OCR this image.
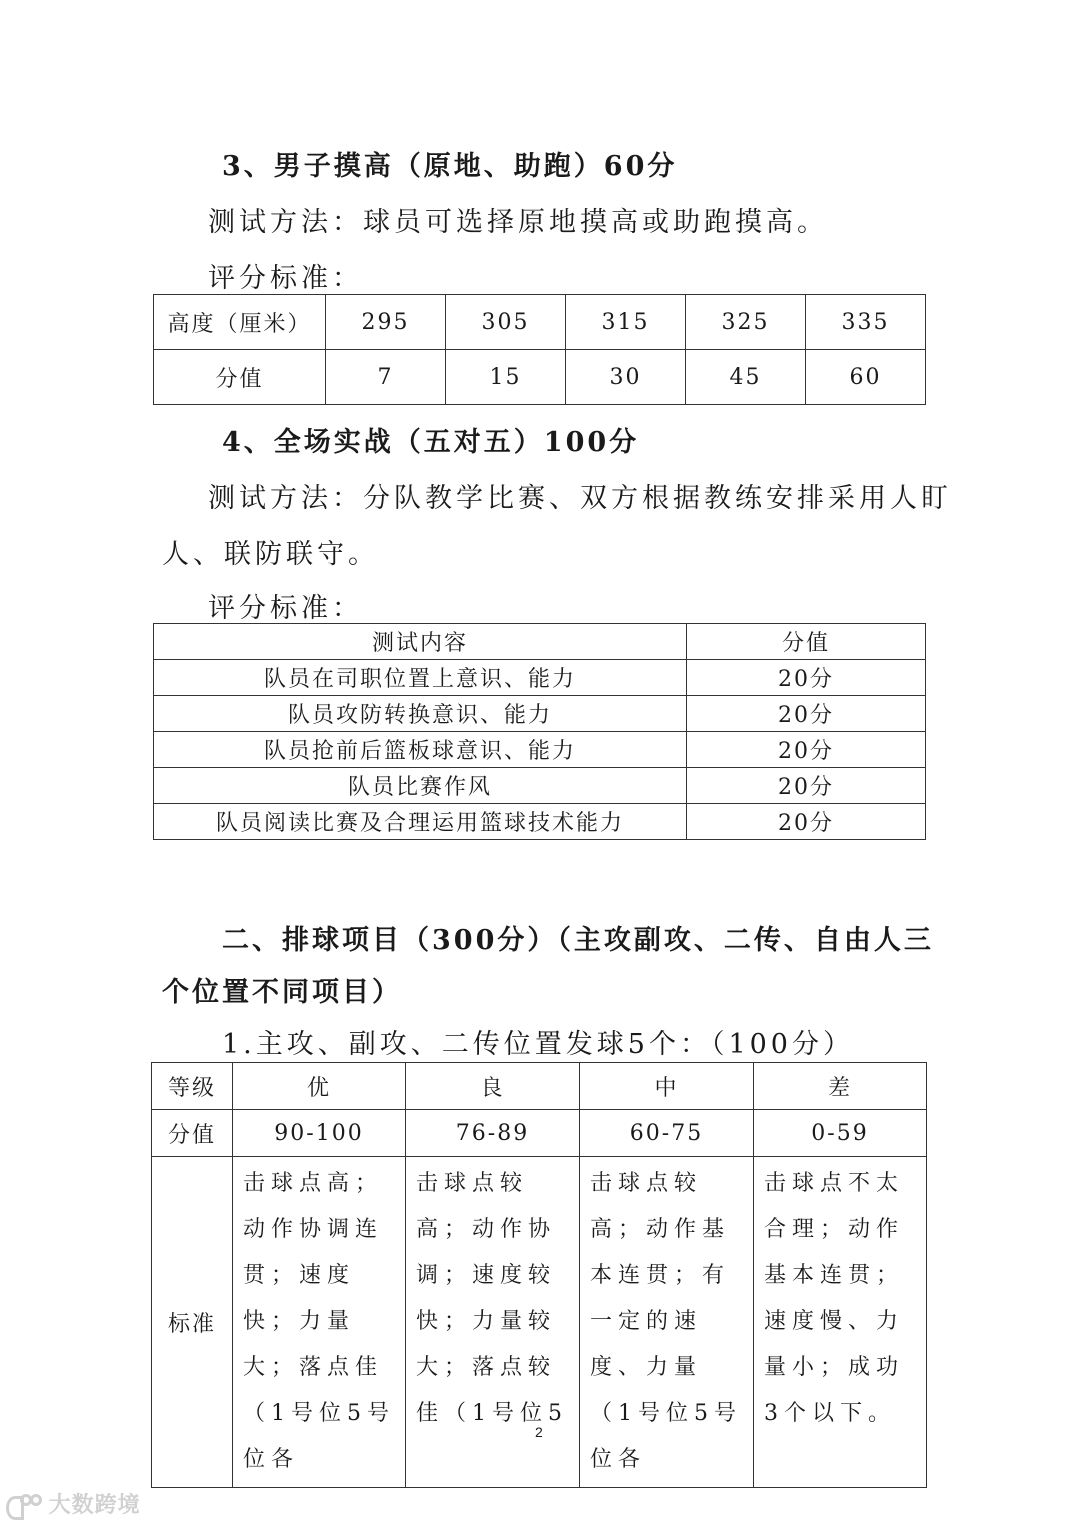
3、男子摸高（原地、助跑）60分
测试方法：球员可选择原地摸高或助跑摸高。
评分标准：
高度（厘米）	295	305	315	325	335
分值	7	15	30	45	60
4、全场实战（五对五）100分
测试方法：分队教学比赛、双方根据教练安排采用人盯
人、联防联守。
评分标准：
测试内容	分值
队员在司职位置上意识、能力	20分
队员攻防转换意识、能力	20分
队员抢前后篮板球意识、能力	20分
队员比赛作风	20分
队员阅读比赛及合理运用篮球技术能力	20分
二、排球项目（300分）（主攻副攻、二传、自由人三
个位置不同项目）
1.主攻、副攻、二传位置发球5个：（100分）
等级	优	良	中	差
分值	90-100	76-89	60-75	0-59
标准	击球点高；动作协调连贯；速度快；力量大；落点佳（1号位5号位各	击球点较高；动作协调；速度较快；力量较大；落点较佳（1号位5	击球点较高；动作基本连贯；有一定的速度、力量（1号位5号位各	击球点不太合理；动作基本连贯；速度慢、力量小；成功3个以下。
2
大数跨境
